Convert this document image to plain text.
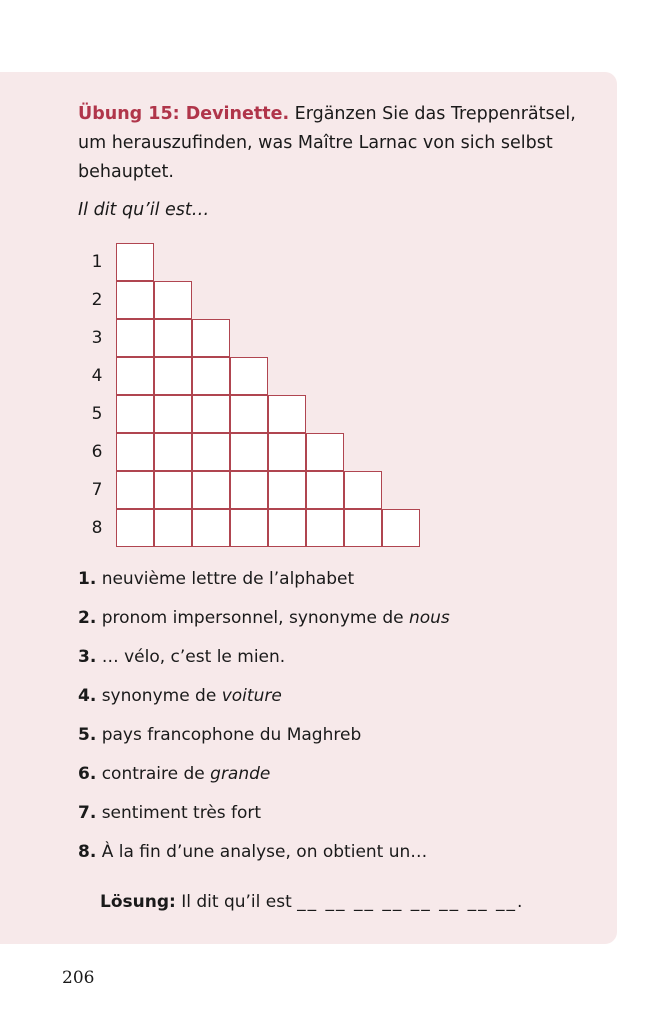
Übung 15: Devinette. Ergänzen Sie das Treppenrätsel, um herauszufinden, was Maître Larnac von sich selbst behauptet.

Il dit qu’il est…

1
2
3
4
5
6
7
8
1. neuvième lettre de l’alphabet
2. pronom impersonnel, synonyme de nous
3. … vélo, c’est le mien.
4. synonyme de voiture
5. pays francophone du Maghreb
6. contraire de grande
7. sentiment très fort
8. À la fin d’une analyse, on obtient un…
Lösung: Il dit qu’il est __ __ __ __ __ __ __ __.
206
